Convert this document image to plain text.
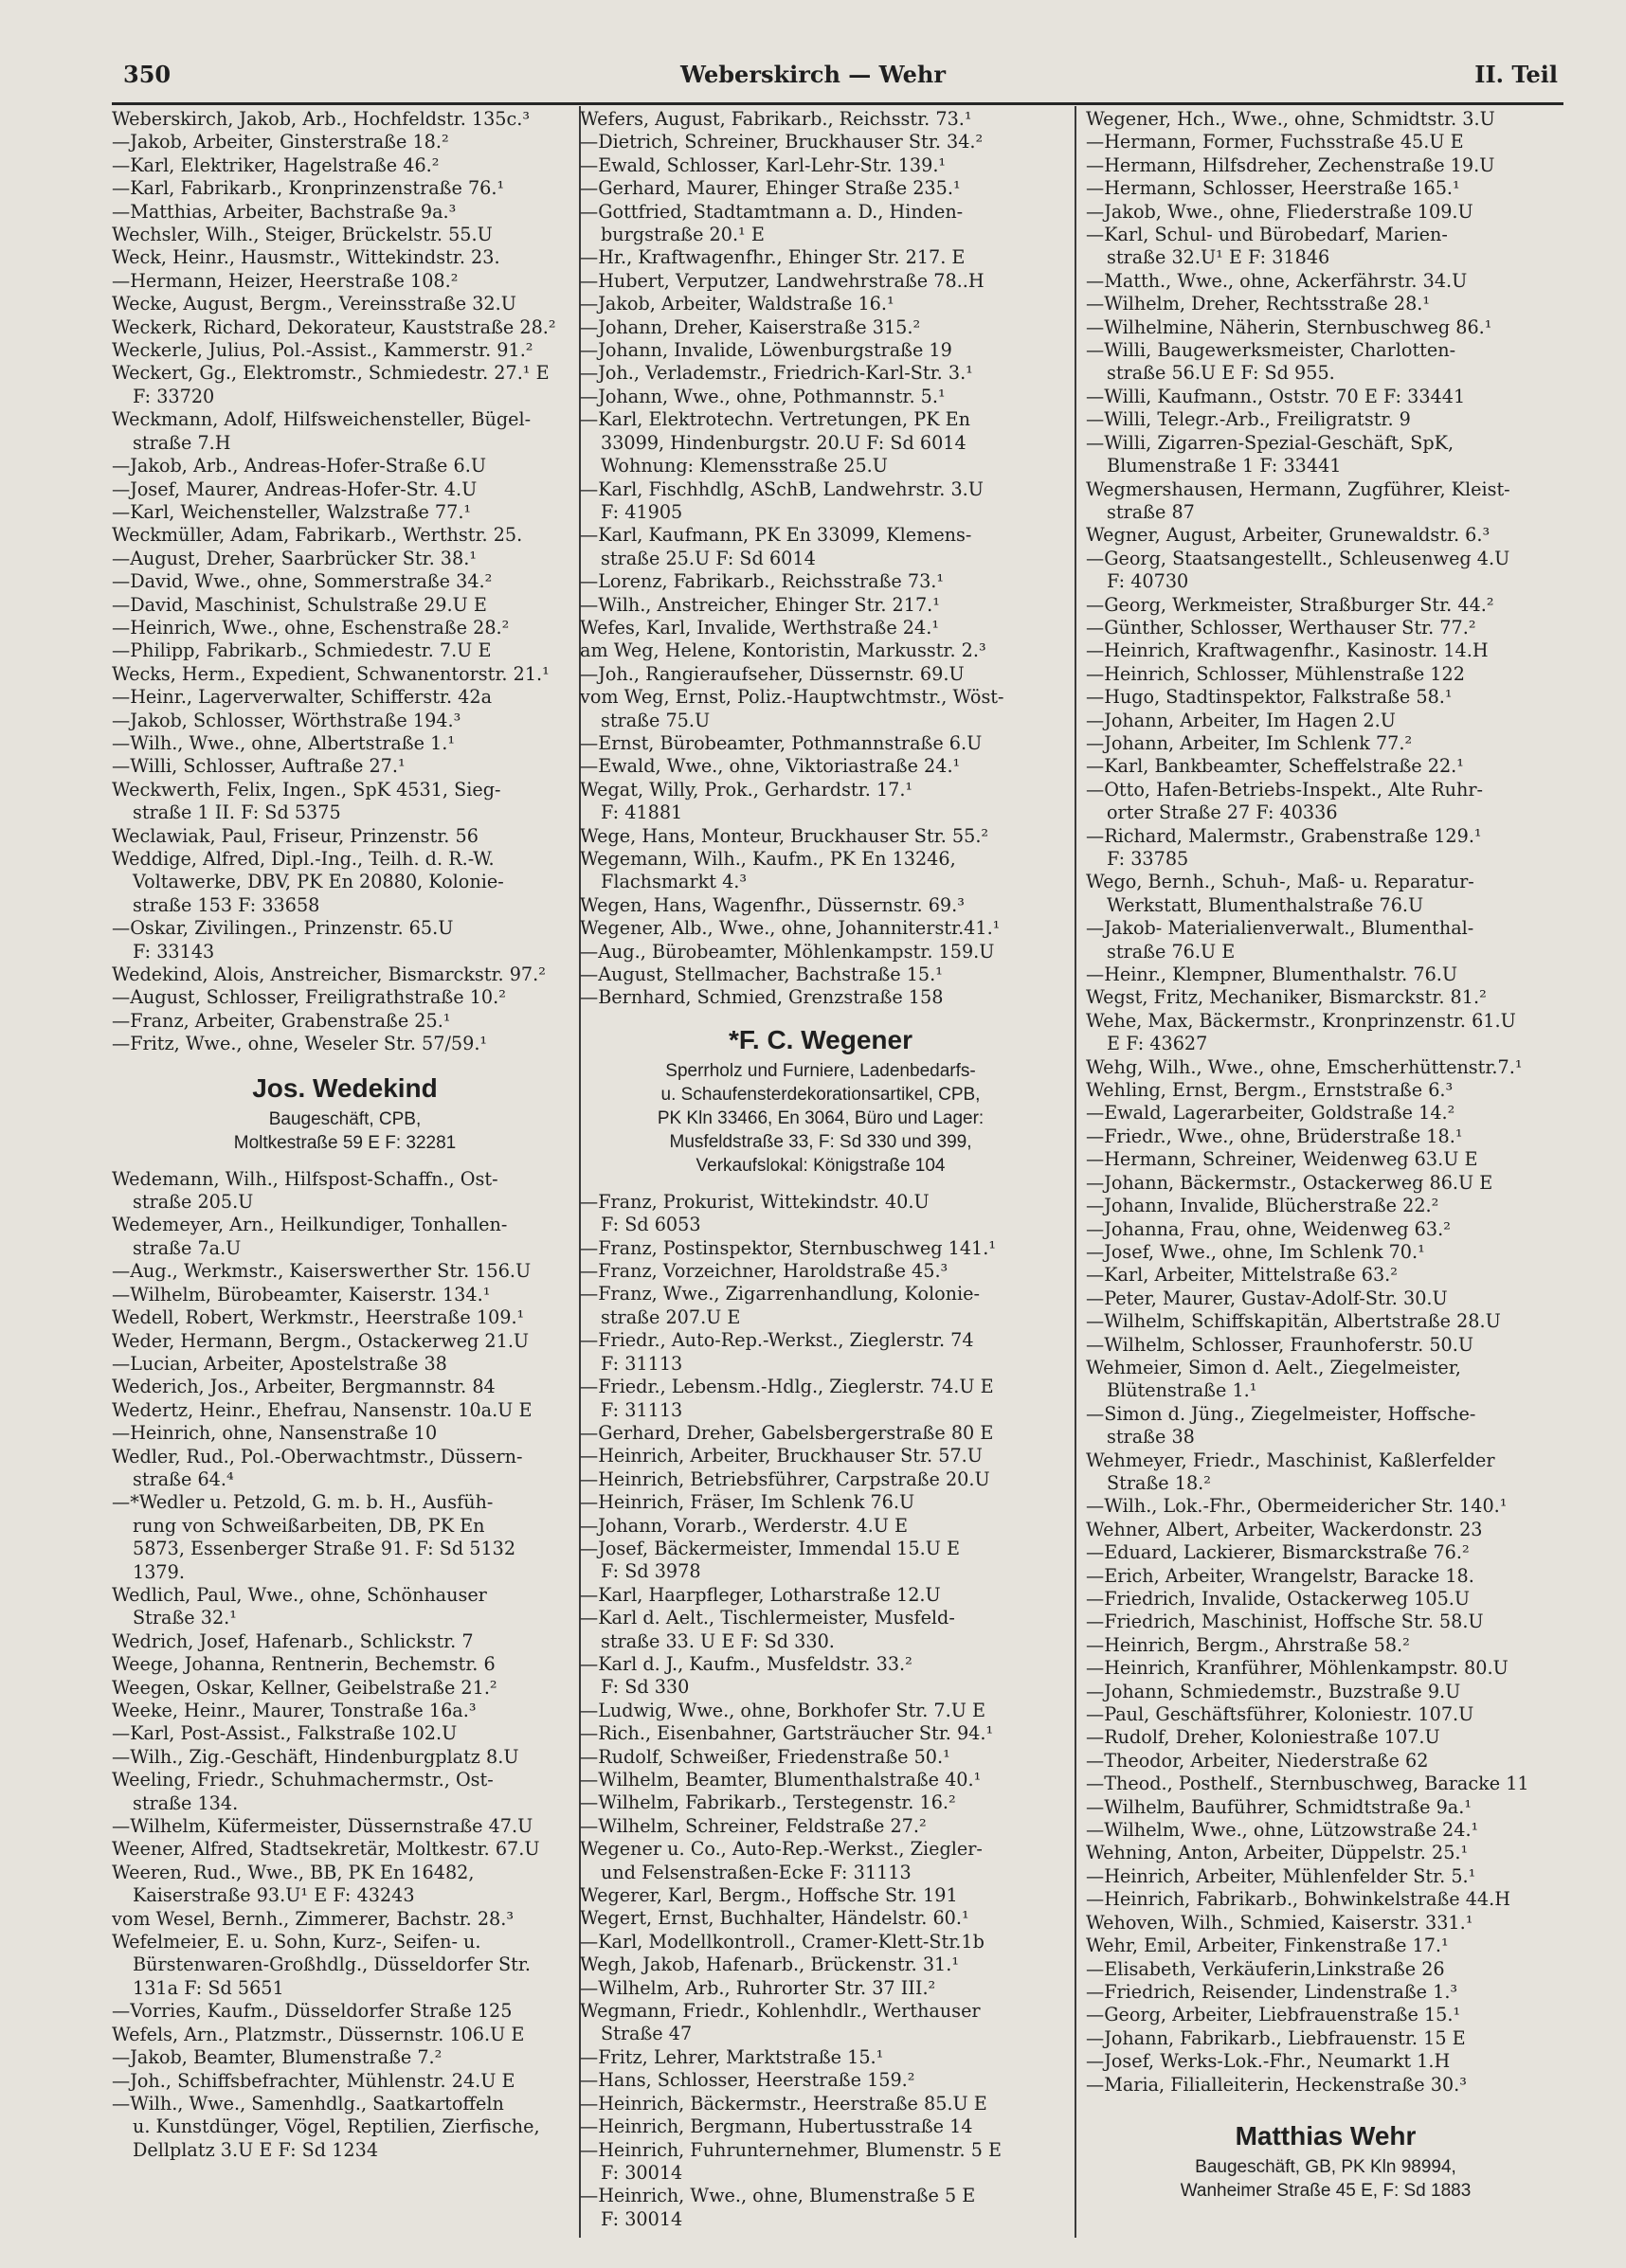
350	Weberskirch — Wehr	II. Teil
Weberskirch, Jakob, Arb., Hochfeldstr. 135c.³
—Jakob, Arbeiter, Ginsterstraße 18.²
—Karl, Elektriker, Hagelstraße 46.²
—Karl, Fabrikarb., Kronprinzenstraße 76.¹
—Matthias, Arbeiter, Bachstraße 9a.³
Wechsler, Wilh., Steiger, Brückelstr. 55.U
Weck, Heinr., Hausmstr., Wittekindstr. 23.
—Hermann, Heizer, Heerstraße 108.²
Wecke, August, Bergm., Vereinsstraße 32.U
Weckerk, Richard, Dekorateur, Kauststraße 28.²
Weckerle, Julius, Pol.-Assist., Kammerstr. 91.²
Weckert, Gg., Elektromstr., Schmiedestr. 27.¹ E
F: 33720
Weckmann, Adolf, Hilfsweichensteller, Bügel-
straße 7.H
—Jakob, Arb., Andreas-Hofer-Straße 6.U
—Josef, Maurer, Andreas-Hofer-Str. 4.U
—Karl, Weichensteller, Walzstraße 77.¹
Weckmüller, Adam, Fabrikarb., Werthstr. 25.
—August, Dreher, Saarbrücker Str. 38.¹
—David, Wwe., ohne, Sommerstraße 34.²
—David, Maschinist, Schulstraße 29.U E
—Heinrich, Wwe., ohne, Eschenstraße 28.²
—Philipp, Fabrikarb., Schmiedestr. 7.U E
Wecks, Herm., Expedient, Schwanentorstr. 21.¹
—Heinr., Lagerverwalter, Schifferstr. 42a
—Jakob, Schlosser, Wörthstraße 194.³
—Wilh., Wwe., ohne, Albertstraße 1.¹
—Willi, Schlosser, Auftraße 27.¹
Weckwerth, Felix, Ingen., SpK 4531, Sieg-
straße 1 II. F: Sd 5375
Weclawiak, Paul, Friseur, Prinzenstr. 56
Weddige, Alfred, Dipl.-Ing., Teilh. d. R.-W.
Voltawerke, DBV, PK En 20880, Kolonie-
straße 153 F: 33658
—Oskar, Zivilingen., Prinzenstr. 65.U
F: 33143
Wedekind, Alois, Anstreicher, Bismarckstr. 97.²
—August, Schlosser, Freiligrathstraße 10.²
—Franz, Arbeiter, Grabenstraße 25.¹
—Fritz, Wwe., ohne, Weseler Str. 57/59.¹
Jos. Wedekind
Baugeschäft, CPB,
Moltkestraße 59 E F: 32281
Wedemann, Wilh., Hilfspost-Schaffn., Ost-
straße 205.U
Wedemeyer, Arn., Heilkundiger, Tonhallen-
straße 7a.U
—Aug., Werkmstr., Kaiserswerther Str. 156.U
—Wilhelm, Bürobeamter, Kaiserstr. 134.¹
Wedell, Robert, Werkmstr., Heerstraße 109.¹
Weder, Hermann, Bergm., Ostackerweg 21.U
—Lucian, Arbeiter, Apostelstraße 38
Wederich, Jos., Arbeiter, Bergmannstr. 84
Wedertz, Heinr., Ehefrau, Nansenstr. 10a.U E
—Heinrich, ohne, Nansenstraße 10
Wedler, Rud., Pol.-Oberwachtmstr., Düssern-
straße 64.⁴
—*Wedler u. Petzold, G. m. b. H., Ausfüh-
rung von Schweißarbeiten, DB, PK En
5873, Essenberger Straße 91. F: Sd 5132
1379.
Wedlich, Paul, Wwe., ohne, Schönhauser
Straße 32.¹
Wedrich, Josef, Hafenarb., Schlickstr. 7
Weege, Johanna, Rentnerin, Bechemstr. 6
Weegen, Oskar, Kellner, Geibelstraße 21.²
Weeke, Heinr., Maurer, Tonstraße 16a.³
—Karl, Post-Assist., Falkstraße 102.U
—Wilh., Zig.-Geschäft, Hindenburgplatz 8.U
Weeling, Friedr., Schuhmachermstr., Ost-
straße 134.
—Wilhelm, Küfermeister, Düssernstraße 47.U
Weener, Alfred, Stadtsekretär, Moltkestr. 67.U
Weeren, Rud., Wwe., BB, PK En 16482,
Kaiserstraße 93.U¹ E F: 43243
vom Wesel, Bernh., Zimmerer, Bachstr. 28.³
Wefelmeier, E. u. Sohn, Kurz-, Seifen- u.
Bürstenwaren-Großhdlg., Düsseldorfer Str.
131a F: Sd 5651
—Vorries, Kaufm., Düsseldorfer Straße 125
Wefels, Arn., Platzmstr., Düssernstr. 106.U E
—Jakob, Beamter, Blumenstraße 7.²
—Joh., Schiffsbefrachter, Mühlenstr. 24.U E
—Wilh., Wwe., Samenhdlg., Saatkartoffeln
u. Kunstdünger, Vögel, Reptilien, Zierfische,
Dellplatz 3.U E F: Sd 1234
Wefers, August, Fabrikarb., Reichsstr. 73.¹
—Dietrich, Schreiner, Bruckhauser Str. 34.²
—Ewald, Schlosser, Karl-Lehr-Str. 139.¹
—Gerhard, Maurer, Ehinger Straße 235.¹
—Gottfried, Stadtamtmann a. D., Hinden-
burgstraße 20.¹ E
—Hr., Kraftwagenfhr., Ehinger Str. 217. E
—Hubert, Verputzer, Landwehrstraße 78..H
—Jakob, Arbeiter, Waldstraße 16.¹
—Johann, Dreher, Kaiserstraße 315.²
—Johann, Invalide, Löwenburgstraße 19
—Joh., Verlademstr., Friedrich-Karl-Str. 3.¹
—Johann, Wwe., ohne, Pothmannstr. 5.¹
—Karl, Elektrotechn. Vertretungen, PK En
33099, Hindenburgstr. 20.U F: Sd 6014
Wohnung: Klemensstraße 25.U
—Karl, Fischhdlg, ASchB, Landwehrstr. 3.U
F: 41905
—Karl, Kaufmann, PK En 33099, Klemens-
straße 25.U F: Sd 6014
—Lorenz, Fabrikarb., Reichsstraße 73.¹
—Wilh., Anstreicher, Ehinger Str. 217.¹
Wefes, Karl, Invalide, Werthstraße 24.¹
am Weg, Helene, Kontoristin, Markusstr. 2.³
—Joh., Rangieraufseher, Düssernstr. 69.U
vom Weg, Ernst, Poliz.-Hauptwchtmstr., Wöst-
straße 75.U
—Ernst, Bürobeamter, Pothmannstraße 6.U
—Ewald, Wwe., ohne, Viktoriastraße 24.¹
Wegat, Willy, Prok., Gerhardstr. 17.¹
F: 41881
Wege, Hans, Monteur, Bruckhauser Str. 55.²
Wegemann, Wilh., Kaufm., PK En 13246,
Flachsmarkt 4.³
Wegen, Hans, Wagenfhr., Düssernstr. 69.³
Wegener, Alb., Wwe., ohne, Johanniterstr.41.¹
—Aug., Bürobeamter, Möhlenkampstr. 159.U
—August, Stellmacher, Bachstraße 15.¹
—Bernhard, Schmied, Grenzstraße 158
*F. C. Wegener
Sperrholz und Furniere, Ladenbedarfs-
u. Schaufensterdekorationsartikel, CPB,
PK Kln 33466, En 3064, Büro und Lager:
Musfeldstraße 33, F: Sd 330 und 399,
Verkaufslokal: Königstraße 104
—Franz, Prokurist, Wittekindstr. 40.U
F: Sd 6053
—Franz, Postinspektor, Sternbuschweg 141.¹
—Franz, Vorzeichner, Haroldstraße 45.³
—Franz, Wwe., Zigarrenhandlung, Kolonie-
straße 207.U E
—Friedr., Auto-Rep.-Werkst., Zieglerstr. 74
F: 31113
—Friedr., Lebensm.-Hdlg., Zieglerstr. 74.U E
F: 31113
—Gerhard, Dreher, Gabelsbergerstraße 80 E
—Heinrich, Arbeiter, Bruckhauser Str. 57.U
—Heinrich, Betriebsführer, Carpstraße 20.U
—Heinrich, Fräser, Im Schlenk 76.U
—Johann, Vorarb., Werderstr. 4.U E
—Josef, Bäckermeister, Immendal 15.U E
F: Sd 3978
—Karl, Haarpfleger, Lotharstraße 12.U
—Karl d. Aelt., Tischlermeister, Musfeld-
straße 33. U E F: Sd 330.
—Karl d. J., Kaufm., Musfeldstr. 33.²
F: Sd 330
—Ludwig, Wwe., ohne, Borkhofer Str. 7.U E
—Rich., Eisenbahner, Gartsträucher Str. 94.¹
—Rudolf, Schweißer, Friedenstraße 50.¹
—Wilhelm, Beamter, Blumenthalstraße 40.¹
—Wilhelm, Fabrikarb., Terstegenstr. 16.²
—Wilhelm, Schreiner, Feldstraße 27.²
Wegener u. Co., Auto-Rep.-Werkst., Ziegler-
und Felsenstraßen-Ecke F: 31113
Wegerer, Karl, Bergm., Hoffsche Str. 191
Wegert, Ernst, Buchhalter, Händelstr. 60.¹
—Karl, Modellkontroll., Cramer-Klett-Str.1b
Wegh, Jakob, Hafenarb., Brückenstr. 31.¹
—Wilhelm, Arb., Ruhrorter Str. 37 III.²
Wegmann, Friedr., Kohlenhdlr., Werthauser
Straße 47
—Fritz, Lehrer, Marktstraße 15.¹
—Hans, Schlosser, Heerstraße 159.²
—Heinrich, Bäckermstr., Heerstraße 85.U E
—Heinrich, Bergmann, Hubertusstraße 14
—Heinrich, Fuhrunternehmer, Blumenstr. 5 E
F: 30014
—Heinrich, Wwe., ohne, Blumenstraße 5 E
F: 30014
Wegener, Hch., Wwe., ohne, Schmidtstr. 3.U
—Hermann, Former, Fuchsstraße 45.U E
—Hermann, Hilfsdreher, Zechenstraße 19.U
—Hermann, Schlosser, Heerstraße 165.¹
—Jakob, Wwe., ohne, Fliederstraße 109.U
—Karl, Schul- und Bürobedarf, Marien-
straße 32.U¹ E F: 31846
—Matth., Wwe., ohne, Ackerfährstr. 34.U
—Wilhelm, Dreher, Rechtsstraße 28.¹
—Wilhelmine, Näherin, Sternbuschweg 86.¹
—Willi, Baugewerksmeister, Charlotten-
straße 56.U E F: Sd 955.
—Willi, Kaufmann., Oststr. 70 E F: 33441
—Willi, Telegr.-Arb., Freiligratstr. 9
—Willi, Zigarren-Spezial-Geschäft, SpK,
Blumenstraße 1 F: 33441
Wegmershausen, Hermann, Zugführer, Kleist-
straße 87
Wegner, August, Arbeiter, Grunewaldstr. 6.³
—Georg, Staatsangestellt., Schleusenweg 4.U
F: 40730
—Georg, Werkmeister, Straßburger Str. 44.²
—Günther, Schlosser, Werthauser Str. 77.²
—Heinrich, Kraftwagenfhr., Kasinostr. 14.H
—Heinrich, Schlosser, Mühlenstraße 122
—Hugo, Stadtinspektor, Falkstraße 58.¹
—Johann, Arbeiter, Im Hagen 2.U
—Johann, Arbeiter, Im Schlenk 77.²
—Karl, Bankbeamter, Scheffelstraße 22.¹
—Otto, Hafen-Betriebs-Inspekt., Alte Ruhr-
orter Straße 27 F: 40336
—Richard, Malermstr., Grabenstraße 129.¹
F: 33785
Wego, Bernh., Schuh-, Maß- u. Reparatur-
Werkstatt, Blumenthalstraße 76.U
—Jakob- Materialienverwalt., Blumenthal-
straße 76.U E
—Heinr., Klempner, Blumenthalstr. 76.U
Wegst, Fritz, Mechaniker, Bismarckstr. 81.²
Wehe, Max, Bäckermstr., Kronprinzenstr. 61.U
E F: 43627
Wehg, Wilh., Wwe., ohne, Emscherhüttenstr.7.¹
Wehling, Ernst, Bergm., Ernststraße 6.³
—Ewald, Lagerarbeiter, Goldstraße 14.²
—Friedr., Wwe., ohne, Brüderstraße 18.¹
—Hermann, Schreiner, Weidenweg 63.U E
—Johann, Bäckermstr., Ostackerweg 86.U E
—Johann, Invalide, Blücherstraße 22.²
—Johanna, Frau, ohne, Weidenweg 63.²
—Josef, Wwe., ohne, Im Schlenk 70.¹
—Karl, Arbeiter, Mittelstraße 63.²
—Peter, Maurer, Gustav-Adolf-Str. 30.U
—Wilhelm, Schiffskapitän, Albertstraße 28.U
—Wilhelm, Schlosser, Fraunhoferstr. 50.U
Wehmeier, Simon d. Aelt., Ziegelmeister,
Blütenstraße 1.¹
—Simon d. Jüng., Ziegelmeister, Hoffsche-
straße 38
Wehmeyer, Friedr., Maschinist, Kaßlerfelder
Straße 18.²
—Wilh., Lok.-Fhr., Obermeidericher Str. 140.¹
Wehner, Albert, Arbeiter, Wackerdonstr. 23
—Eduard, Lackierer, Bismarckstraße 76.²
—Erich, Arbeiter, Wrangelstr, Baracke 18.
—Friedrich, Invalide, Ostackerweg 105.U
—Friedrich, Maschinist, Hoffsche Str. 58.U
—Heinrich, Bergm., Ahrstraße 58.²
—Heinrich, Kranführer, Möhlenkampstr. 80.U
—Johann, Schmiedemstr., Buzstraße 9.U
—Paul, Geschäftsführer, Koloniestr. 107.U
—Rudolf, Dreher, Koloniestraße 107.U
—Theodor, Arbeiter, Niederstraße 62
—Theod., Posthelf., Sternbuschweg, Baracke 11
—Wilhelm, Bauführer, Schmidtstraße 9a.¹
—Wilhelm, Wwe., ohne, Lützowstraße 24.¹
Wehning, Anton, Arbeiter, Düppelstr. 25.¹
—Heinrich, Arbeiter, Mühlenfelder Str. 5.¹
—Heinrich, Fabrikarb., Bohwinkelstraße 44.H
Wehoven, Wilh., Schmied, Kaiserstr. 331.¹
Wehr, Emil, Arbeiter, Finkenstraße 17.¹
—Elisabeth, Verkäuferin,Linkstraße 26
—Friedrich, Reisender, Lindenstraße 1.³
—Georg, Arbeiter, Liebfrauenstraße 15.¹
—Johann, Fabrikarb., Liebfrauenstr. 15 E
—Josef, Werks-Lok.-Fhr., Neumarkt 1.H
—Maria, Filialleiterin, Heckenstraße 30.³
Matthias Wehr
Baugeschäft, GB, PK Kln 98994,
Wanheimer Straße 45 E, F: Sd 1883
